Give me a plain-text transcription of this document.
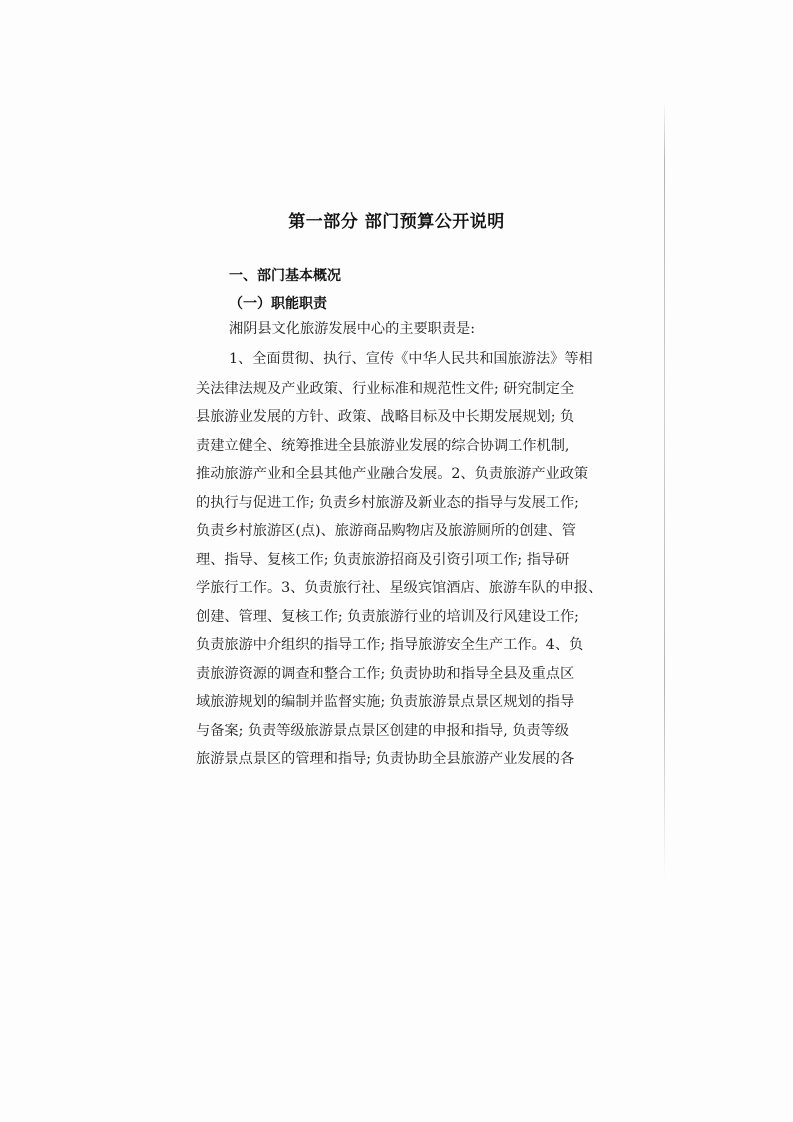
第一部分 部门预算公开说明
一、部门基本概况
（一）职能职责
湘阴县文化旅游发展中心的主要职责是:
1、全面贯彻、执行、宣传《中华人民共和国旅游法》等相
关法律法规及产业政策、行业标准和规范性文件; 研究制定全
县旅游业发展的方针、政策、战略目标及中长期发展规划; 负
责建立健全、统筹推进全县旅游业发展的综合协调工作机制,
推动旅游产业和全县其他产业融合发展。2、负责旅游产业政策
的执行与促进工作; 负责乡村旅游及新业态的指导与发展工作;
负责乡村旅游区(点)、旅游商品购物店及旅游厕所的创建、管
理、指导、复核工作; 负责旅游招商及引资引项工作; 指导研
学旅行工作。3、负责旅行社、星级宾馆酒店、旅游车队的申报、
创建、管理、复核工作; 负责旅游行业的培训及行风建设工作;
负责旅游中介组织的指导工作; 指导旅游安全生产工作。4、负
责旅游资源的调查和整合工作; 负责协助和指导全县及重点区
域旅游规划的编制并监督实施; 负责旅游景点景区规划的指导
与备案; 负责等级旅游景点景区创建的申报和指导, 负责等级
旅游景点景区的管理和指导; 负责协助全县旅游产业发展的各
